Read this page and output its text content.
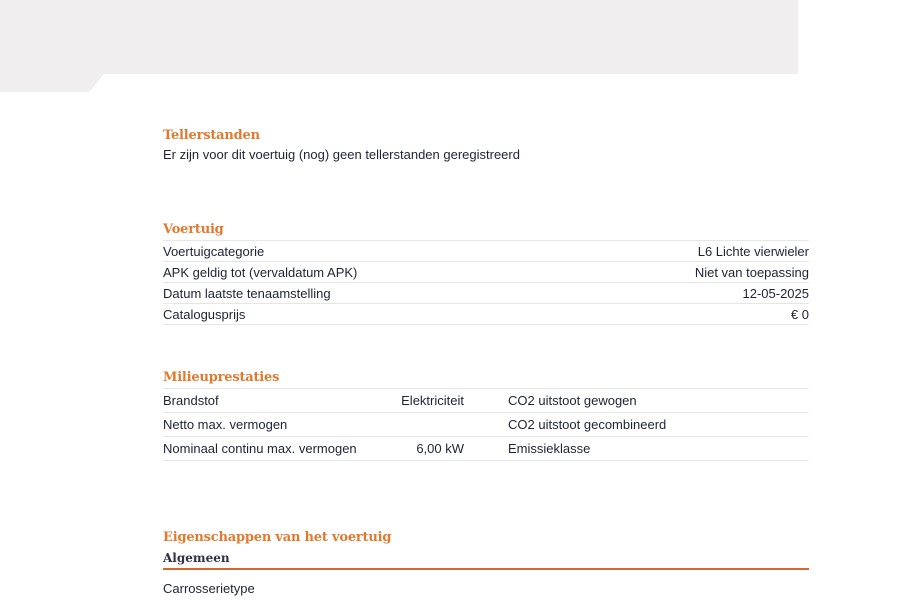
Tellerstanden
Er zijn voor dit voertuig (nog) geen tellerstanden geregistreerd
Voertuig
Voertuigcategorie	L6 Lichte vierwieler
APK geldig tot (vervaldatum APK)	Niet van toepassing
Datum laatste tenaamstelling	12-05-2025
Catalogusprijs	€ 0
Milieuprestaties
Brandstof	Elektriciteit	CO2 uitstoot gewogen	
Netto max. vermogen		CO2 uitstoot gecombineerd	
Nominaal continu max. vermogen	6,00 kW	Emissieklasse	
Eigenschappen van het voertuig
Algemeen
Carrosserietype
